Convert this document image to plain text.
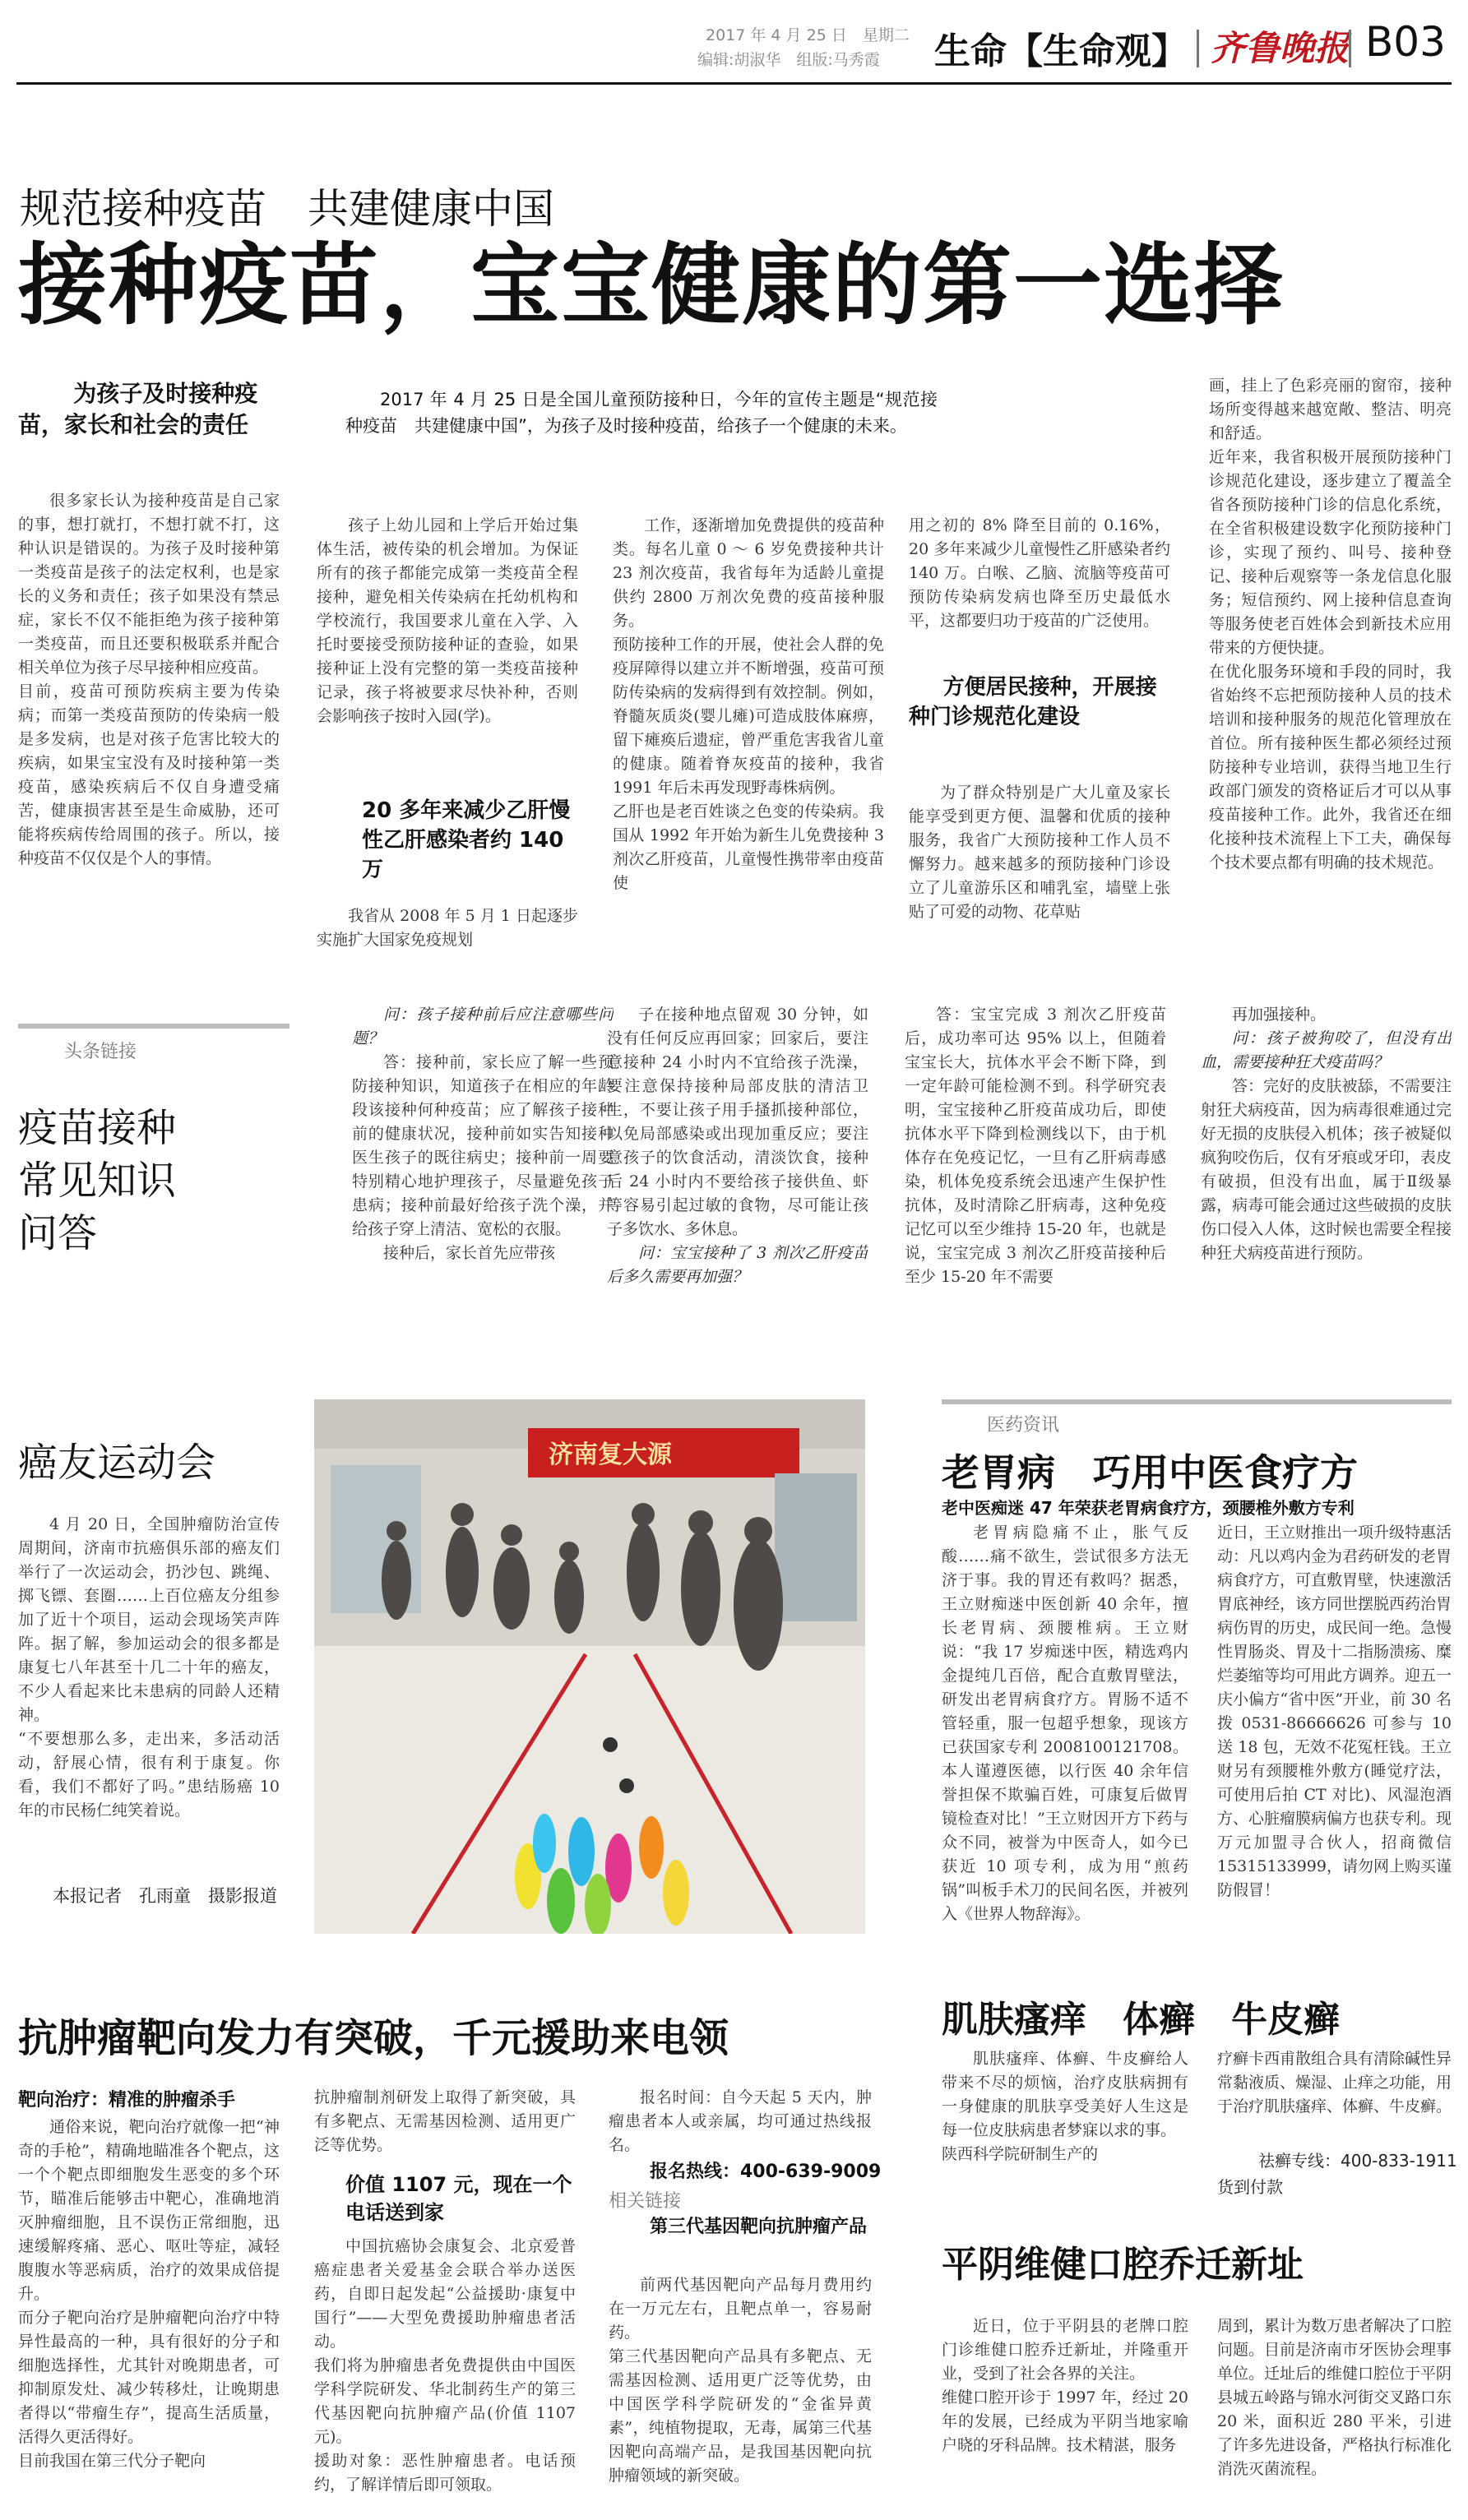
2017 年 4 月 25 日　星期二
编辑:胡淑华　组版:马秀霞 生命【生命观】 齐鲁晚报 B03
规范接种疫苗　共建健康中国
接种疫苗，宝宝健康的第一选择
为孩子及时接种疫苗，家长和社会的责任
2017 年 4 月 25 日是全国儿童预防接种日，今年的宣传主题是“规范接种疫苗　共建健康中国”，为孩子及时接种疫苗，给孩子一个健康的未来。
很多家长认为接种疫苗是自己家的事，想打就打，不想打就不打，这种认识是错误的。为孩子及时接种第一类疫苗是孩子的法定权利，也是家长的义务和责任；孩子如果没有禁忌症，家长不仅不能拒绝为孩子接种第一类疫苗，而且还要积极联系并配合相关单位为孩子尽早接种相应疫苗。
目前，疫苗可预防疾病主要为传染病；而第一类疫苗预防的传染病一般是多发病，也是对孩子危害比较大的疾病，如果宝宝没有及时接种第一类疫苗，感染疾病后不仅自身遭受痛苦，健康损害甚至是生命威胁，还可能将疾病传给周围的孩子。所以，接种疫苗不仅仅是个人的事情。
孩子上幼儿园和上学后开始过集体生活，被传染的机会增加。为保证所有的孩子都能完成第一类疫苗全程接种，避免相关传染病在托幼机构和学校流行，我国要求儿童在入学、入托时要接受预防接种证的查验，如果接种证上没有完整的第一类疫苗接种记录，孩子将被要求尽快补种，否则会影响孩子按时入园(学)。
20 多年来减少乙肝慢性乙肝感染者约 140 万
我省从 2008 年 5 月 1 日起逐步实施扩大国家免疫规划
工作，逐渐增加免费提供的疫苗种类。每名儿童 0 ～ 6 岁免费接种共计 23 剂次疫苗，我省每年为适龄儿童提供约 2800 万剂次免费的疫苗接种服务。
预防接种工作的开展，使社会人群的免疫屏障得以建立并不断增强，疫苗可预防传染病的发病得到有效控制。例如，脊髓灰质炎(婴儿瘫)可造成肢体麻痹，留下瘫痪后遗症，曾严重危害我省儿童的健康。随着脊灰疫苗的接种，我省 1991 年后未再发现野毒株病例。
乙肝也是老百姓谈之色变的传染病。我国从 1992 年开始为新生儿免费接种 3 剂次乙肝疫苗，儿童慢性携带率由疫苗使
用之初的 8% 降至目前的 0.16%，20 多年来减少儿童慢性乙肝感染者约 140 万。白喉、乙脑、流脑等疫苗可预防传染病发病也降至历史最低水平，这都要归功于疫苗的广泛使用。
方便居民接种，开展接种门诊规范化建设
为了群众特别是广大儿童及家长能享受到更方便、温馨和优质的接种服务，我省广大预防接种工作人员不懈努力。越来越多的预防接种门诊设立了儿童游乐区和哺乳室，墙壁上张贴了可爱的动物、花草贴
画，挂上了色彩亮丽的窗帘，接种场所变得越来越宽敞、整洁、明亮和舒适。
近年来，我省积极开展预防接种门诊规范化建设，逐步建立了覆盖全省各预防接种门诊的信息化系统，在全省积极建设数字化预防接种门诊，实现了预约、叫号、接种登记、接种后观察等一条龙信息化服务；短信预约、网上接种信息查询等服务使老百姓体会到新技术应用带来的方便快捷。
在优化服务环境和手段的同时，我省始终不忘把预防接种人员的技术培训和接种服务的规范化管理放在首位。所有接种医生都必须经过预防接种专业培训，获得当地卫生行政部门颁发的资格证后才可以从事疫苗接种工作。此外，我省还在细化接种技术流程上下工夫，确保每个技术要点都有明确的技术规范。
头条链接
疫苗接种
常见知识
问答
问：孩子接种前后应注意哪些问题？
答：接种前，家长应了解一些预防接种知识，知道孩子在相应的年龄段该接种何种疫苗；应了解孩子接种前的健康状况，接种前如实告知接种医生孩子的既往病史；接种前一周要特别精心地护理孩子，尽量避免孩子患病；接种前最好给孩子洗个澡，并给孩子穿上清洁、宽松的衣服。
接种后，家长首先应带孩
子在接种地点留观 30 分钟，如没有任何反应再回家；回家后，要注意接种 24 小时内不宜给孩子洗澡，要注意保持接种局部皮肤的清洁卫生，不要让孩子用手搔抓接种部位，以免局部感染或出现加重反应；要注意孩子的饮食活动，清淡饮食，接种后 24 小时内不要给孩子接供鱼、虾等容易引起过敏的食物，尽可能让孩子多饮水、多休息。
问：宝宝接种了 3 剂次乙肝疫苗后多久需要再加强？
答：宝宝完成 3 剂次乙肝疫苗后，成功率可达 95% 以上，但随着宝宝长大，抗体水平会不断下降，到一定年龄可能检测不到。科学研究表明，宝宝接种乙肝疫苗成功后，即使抗体水平下降到检测线以下，由于机体存在免疫记忆，一旦有乙肝病毒感染，机体免疫系统会迅速产生保护性抗体，及时清除乙肝病毒，这种免疫记忆可以至少维持 15-20 年，也就是说，宝宝完成 3 剂次乙肝疫苗接种后至少 15-20 年不需要
再加强接种。
问：孩子被狗咬了，但没有出血，需要接种狂犬疫苗吗？
答：完好的皮肤被舔，不需要注射狂犬病疫苗，因为病毒很难通过完好无损的皮肤侵入机体；孩子被疑似疯狗咬伤后，仅有牙痕或牙印，表皮有破损，但没有出血，属于Ⅱ级暴露，病毒可能会通过这些破损的皮肤伤口侵入人体，这时候也需要全程接种狂犬病疫苗进行预防。
癌友运动会
4 月 20 日，全国肿瘤防治宣传周期间，济南市抗癌俱乐部的癌友们举行了一次运动会，扔沙包、跳绳、掷飞镖、套圈……上百位癌友分组参加了近十个项目，运动会现场笑声阵阵。据了解，参加运动会的很多都是康复七八年甚至十几二十年的癌友，不少人看起来比未患病的同龄人还精神。
“不要想那么多，走出来，多活动活动，舒展心情，很有利于康复。你看，我们不都好了吗。”患结肠癌 10 年的市民杨仁纯笑着说。
本报记者　孔雨童　摄影报道
济南复大源
医药资讯
老胃病　巧用中医食疗方
老中医痴迷 47 年荣获老胃病食疗方，颈腰椎外敷方专利
老胃病隐痛不止，胀气反酸……痛不欲生，尝试很多方法无济于事。我的胃还有救吗？据悉，王立财痴迷中医创新 40 余年，擅长老胃病、颈腰椎病。王立财说：“我 17 岁痴迷中医，精选鸡内金提纯几百倍，配合直敷胃壁法，研发出老胃病食疗方。胃肠不适不管轻重，服一包超乎想象，现该方已获国家专利 2008100121708。本人谨遵医德，以行医 40 余年信誉担保不欺骗百姓，可康复后做胃镜检查对比！”王立财因开方下药与众不同，被誉为中医奇人，如今已获近 10 项专利，成为用“煎药锅”叫板手术刀的民间名医，并被列入《世界人物辞海》。
近日，王立财推出一项升级特惠活动：凡以鸡内金为君药研发的老胃病食疗方，可直敷胃壁，快速激活胃底神经，该方同世摆脱西药治胃病伤胃的历史，成民间一绝。急慢性胃肠炎、胃及十二指肠溃疡、糜烂萎缩等均可用此方调养。迎五一庆小偏方“省中医”开业，前 30 名拨 0531-86666626 可参与 10 送 18 包，无效不花冤枉钱。王立财另有颈腰椎外敷方(睡觉疗法，可使用后拍 CT 对比)、风湿泡酒方、心脏瘤膜病偏方也获专利。现万元加盟寻合伙人，招商微信 15315133999，请勿网上购买谨防假冒！
抗肿瘤靶向发力有突破，千元援助来电领
靶向治疗：精准的肿瘤杀手
通俗来说，靶向治疗就像一把“神奇的手枪”，精确地瞄准各个靶点，这一个个靶点即细胞发生恶变的多个环节，瞄准后能够击中靶心，准确地消灭肿瘤细胞，且不误伤正常细胞，迅速缓解疼痛、恶心、呕吐等症，减轻腹腹水等恶病质，治疗的效果成倍提升。
而分子靶向治疗是肿瘤靶向治疗中特异性最高的一种，具有很好的分子和细胞选择性，尤其针对晚期患者，可抑制原发灶、减少转移灶，让晚期患者得以“带瘤生存”，提高生活质量，活得久更活得好。
目前我国在第三代分子靶向
抗肿瘤制剂研发上取得了新突破，具有多靶点、无需基因检测、适用更广泛等优势。
价值 1107 元，现在一个电话送到家
中国抗癌协会康复会、北京爱普癌症患者关爱基金会联合举办送医药，自即日起发起“公益援助·康复中国行”——大型免费援助肿瘤患者活动。
我们将为肿瘤患者免费提供由中国医学科学院研发、华北制药生产的第三代基因靶向抗肿瘤产品(价值 1107 元)。
援助对象：恶性肿瘤患者。电话预约，了解详情后即可领取。
报名时间：自今天起 5 天内，肿瘤患者本人或亲属，均可通过热线报名。
报名热线：400-639-9009
相关链接
第三代基因靶向抗肿瘤产品
前两代基因靶向产品每月费用约在一万元左右，且靶点单一，容易耐药。
第三代基因靶向产品具有多靶点、无需基因检测、适用更广泛等优势，由中国医学科学院研发的“金雀异黄素”，纯植物提取，无毒，属第三代基因靶向高端产品，是我国基因靶向抗肿瘤领域的新突破。
肌肤瘙痒　体癣　牛皮癣
肌肤瘙痒、体癣、牛皮癣给人带来不尽的烦恼，治疗皮肤病拥有一身健康的肌肤享受美好人生这是每一位皮肤病患者梦寐以求的事。
陕西科学院研制生产的
疗癣卡西甫散组合具有清除碱性异常黏液质、燥湿、止痒之功能，用于治疗肌肤瘙痒、体癣、牛皮癣。
祛癣专线：400-833-1911
货到付款
平阴维健口腔乔迁新址
近日，位于平阴县的老牌口腔门诊维健口腔乔迁新址，并隆重开业，受到了社会各界的关注。
维健口腔开诊于 1997 年，经过 20 年的发展，已经成为平阴当地家喻户晓的牙科品牌。技术精湛，服务
周到，累计为数万患者解决了口腔问题。目前是济南市牙医协会理事单位。迁址后的维健口腔位于平阴县城五岭路与锦水河街交叉路口东 20 米，面积近 280 平米，引进了许多先进设备，严格执行标准化消洗灭菌流程。
